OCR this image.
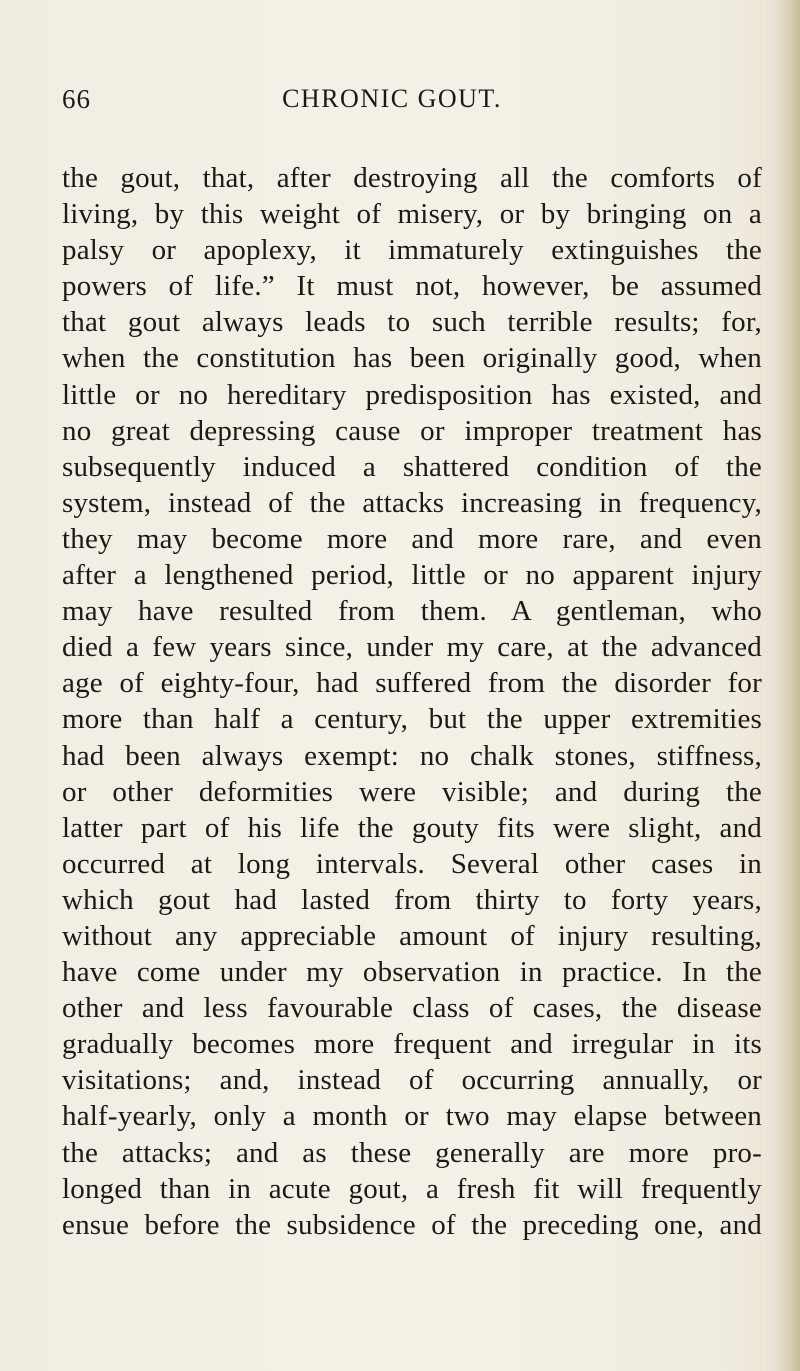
66	CHRONIC GOUT.
the gout, that, after destroying all the comforts of
living, by this weight of misery, or by bringing on a
palsy or apoplexy, it immaturely extinguishes the
powers of life.” It must not, however, be assumed
that gout always leads to such terrible results; for,
when the constitution has been originally good, when
little or no hereditary predisposition has existed, and
no great depressing cause or improper treatment has
subsequently induced a shattered condition of the
system, instead of the attacks increasing in frequency,
they may become more and more rare, and even
after a lengthened period, little or no apparent injury
may have resulted from them. A gentleman, who
died a few years since, under my care, at the advanced
age of eighty-four, had suffered from the disorder for
more than half a century, but the upper extremities
had been always exempt: no chalk stones, stiffness,
or other deformities were visible; and during the
latter part of his life the gouty fits were slight, and
occurred at long intervals. Several other cases in
which gout had lasted from thirty to forty years,
without any appreciable amount of injury resulting,
have come under my observation in practice. In the
other and less favourable class of cases, the disease
gradually becomes more frequent and irregular in its
visitations; and, instead of occurring annually, or
half-yearly, only a month or two may elapse between
the attacks; and as these generally are more pro-
longed than in acute gout, a fresh fit will frequently
ensue before the subsidence of the preceding one, and
